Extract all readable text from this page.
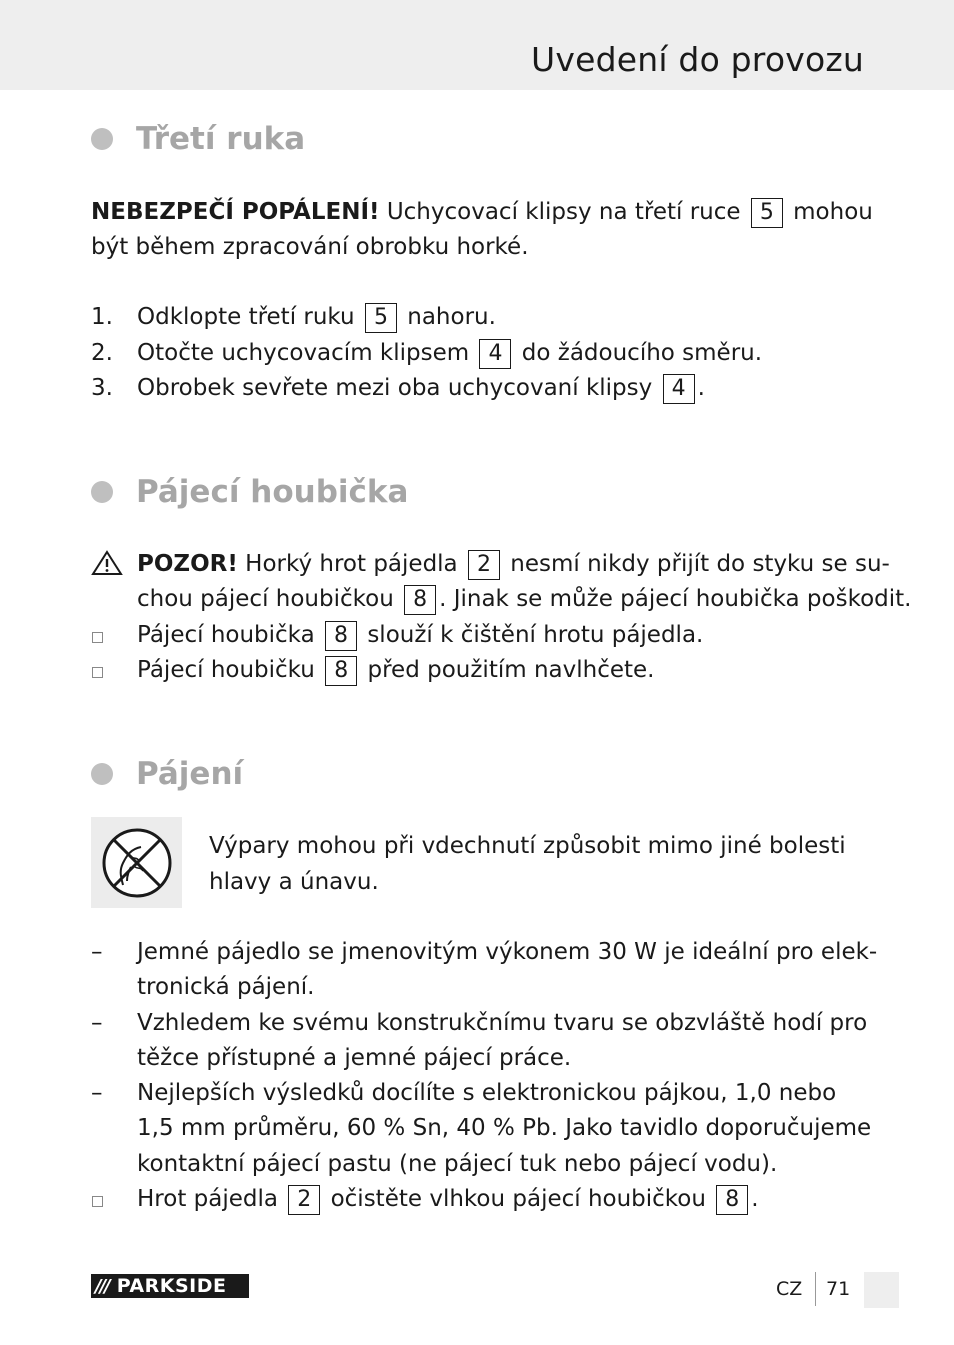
Uvedení do provozu
Třetí ruka
NEBEZPEČÍ POPÁLENÍ! Uchycovací klipsy na třetí ruce 5 mohou
být během zpracování obrobku horké.
1. Odklopte třetí ruku 5 nahoru.
2. Otočte uchycovacím klipsem 4 do žádoucího směru.
3. Obrobek sevřete mezi oba uchycovaní klipsy 4 .
Pájecí houbička
POZOR! Horký hrot pájedla 2 nesmí nikdy přijít do styku se su-
chou pájecí houbičkou 8 . Jinak se může pájecí houbička poškodit.
Pájecí houbička 8 slouží k čištění hrotu pájedla.
Pájecí houbičku 8 před použitím navlhčete.
Pájení
Výpary mohou při vdechnutí způsobit mimo jiné bolesti
hlavy a únavu.
– Jemné pájedlo se jmenovitým výkonem 30 W je ideální pro elek-
tronická pájení.
– Vzhledem ke svému konstrukčnímu tvaru se obzvláště hodí pro
těžce přístupné a jemné pájecí práce.
– Nejlepších výsledků docílíte s elektronickou pájkou, 1,0 nebo
1,5 mm průměru, 60 % Sn, 40 % Pb. Jako tavidlo doporučujeme
kontaktní pájecí pastu (ne pájecí tuk nebo pájecí vodu).
Hrot pájedla 2 očistěte vlhkou pájecí houbičkou 8 .
/// PARKSIDE	CZ 71
